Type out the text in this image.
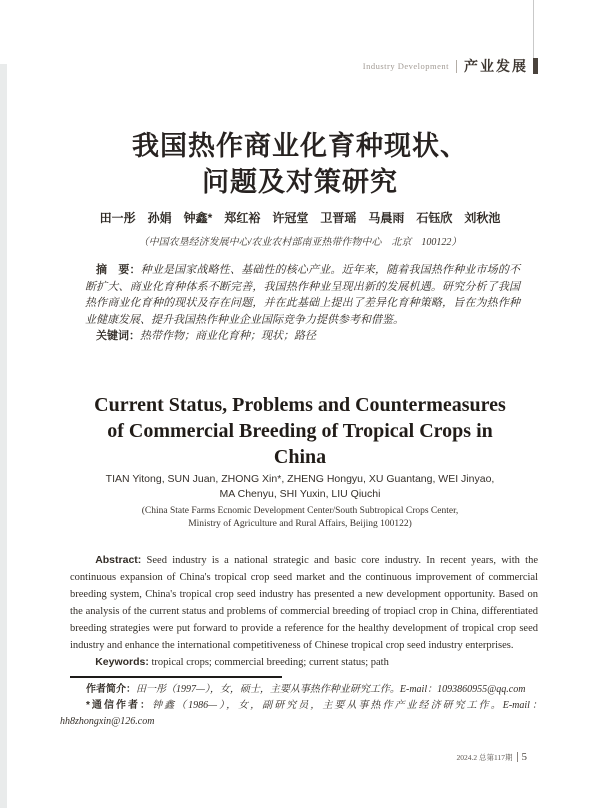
Industry Development 产业发展
我国热作商业化育种现状、
问题及对策研究
田一彤　孙娟　钟鑫*　郑红裕　许冠堂　卫晋瑶　马晨雨　石钰欣　刘秋池
（中国农垦经济发展中心/农业农村部南亚热带作物中心　北京　100122）

摘　要：种业是国家战略性、基础性的核心产业。近年来，随着我国热作种业市场的不断扩大、商业化育种体系不断完善，我国热作种业呈现出新的发展机遇。研究分析了我国热作商业化育种的现状及存在问题，并在此基础上提出了差异化育种策略，旨在为热作种业健康发展、提升我国热作种业企业国际竞争力提供参考和借鉴。

关键词：热带作物；商业化育种；现状；路径

Current Status, Problems and Countermeasures
of Commercial Breeding of Tropical Crops in
China
TIAN Yitong, SUN Juan, ZHONG Xin*, ZHENG Hongyu, XU Guantang, WEI Jinyao,
MA Chenyu, SHI Yuxin, LIU Qiuchi
(China State Farms Ecnomic Development Center/South Subtropical Crops Center,
Ministry of Agriculture and Rural Affairs, Beijing 100122)

Abstract: Seed industry is a national strategic and basic core industry. In recent years, with the continuous expansion of China's tropical crop seed market and the continuous improvement of commercial breeding system, China's tropical crop seed industry has presented a new development opportunity. Based on the analysis of the current status and problems of commercial breeding of tropiacl crop in China, differentiated breeding strategies were put forward to provide a reference for the healthy development of tropical crop seed industry and enhance the international competitiveness of Chinese tropical crop seed industry enterprises.

Keywords: tropical crops; commercial breeding; current status; path

作者简介：田一彤（1997—），女，硕士，主要从事热作种业研究工作。E-mail：1093860955@qq.com

*通信作者：钟鑫（1986—），女，副研究员，主要从事热作产业经济研究工作。E-mail：hh8zhongxin@126.com

2024.2 总第117期 5
